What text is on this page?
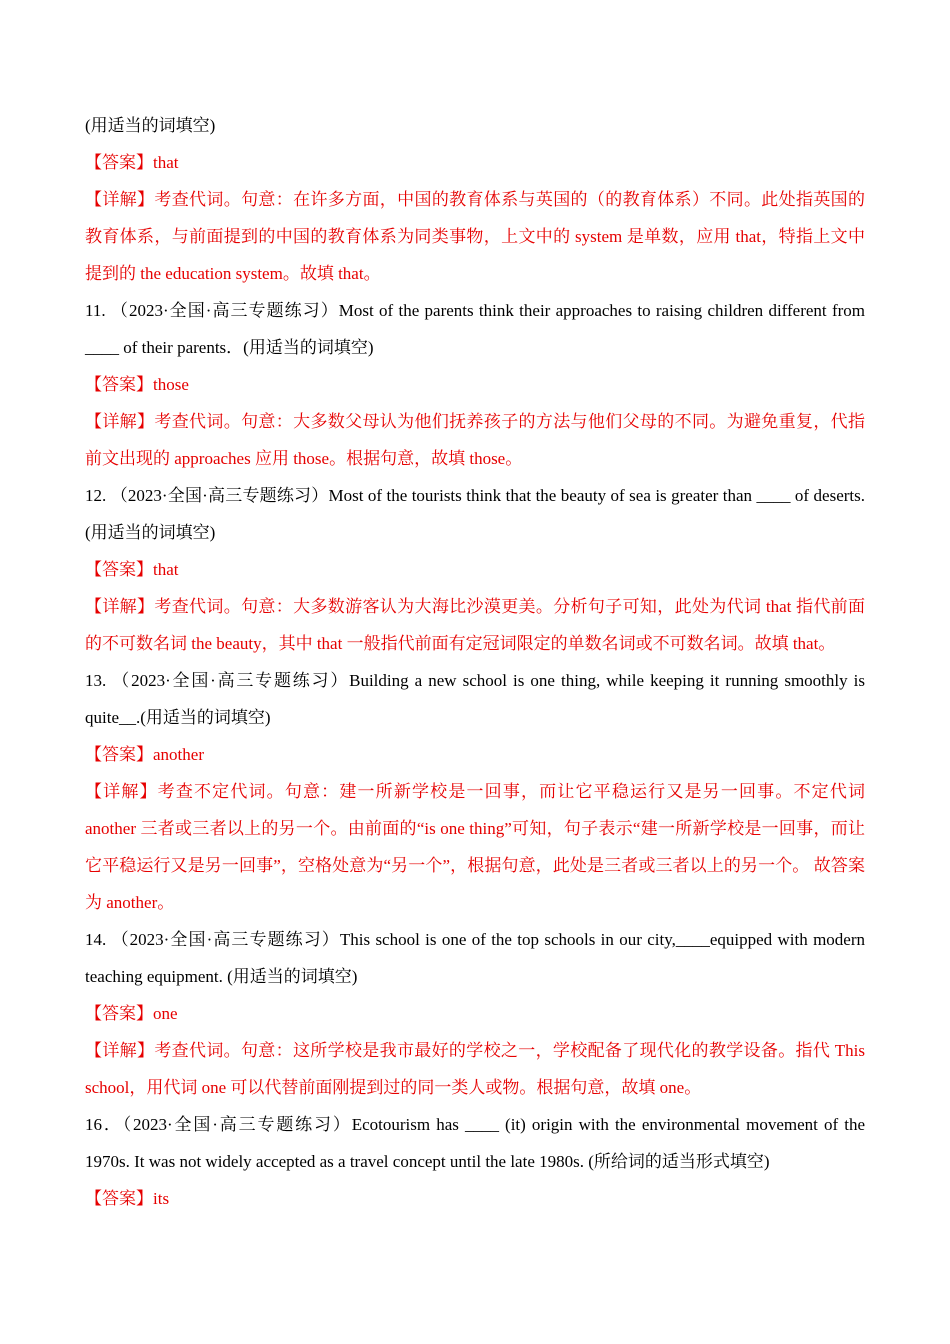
(用适当的词填空)

【答案】that

【详解】考查代词。句意：在许多方面，中国的教育体系与英国的（的教育体系）不同。此处指英国的教育体系，与前面提到的中国的教育体系为同类事物，上文中的 system 是单数，应用 that，特指上文中提到的 the education system。故填 that。

11. （2023·全国·高三专题练习）Most of the parents think their approaches to raising children different from ____ of their parents．(用适当的词填空)

【答案】those

【详解】考查代词。句意：大多数父母认为他们抚养孩子的方法与他们父母的不同。为避免重复，代指前文出现的 approaches 应用 those。根据句意，故填 those。

12. （2023·全国·高三专题练习）Most of the tourists think that the beauty of sea is greater than ____ of deserts. (用适当的词填空)

【答案】that

【详解】考查代词。句意：大多数游客认为大海比沙漠更美。分析句子可知，此处为代词 that 指代前面的不可数名词 the beauty，其中 that 一般指代前面有定冠词限定的单数名词或不可数名词。故填 that。

13. （2023·全国·高三专题练习）Building a new school is one thing, while keeping it running smoothly is quite__.(用适当的词填空)

【答案】another

【详解】考查不定代词。句意：建一所新学校是一回事，而让它平稳运行又是另一回事。不定代词 another 三者或三者以上的另一个。由前面的“is one thing”可知，句子表示“建一所新学校是一回事，而让它平稳运行又是另一回事”，空格处意为“另一个”，根据句意，此处是三者或三者以上的另一个。 故答案为 another。

14. （2023·全国·高三专题练习）This school is one of the top schools in our city,____equipped with modern teaching equipment. (用适当的词填空)

【答案】one

【详解】考查代词。句意：这所学校是我市最好的学校之一，学校配备了现代化的教学设备。指代 This school，用代词 one 可以代替前面刚提到过的同一类人或物。根据句意，故填 one。

16．（2023·全国·高三专题练习）Ecotourism has ____ (it) origin with the environmental movement of the 1970s. It was not widely accepted as a travel concept until the late 1980s. (所给词的适当形式填空)

【答案】its
